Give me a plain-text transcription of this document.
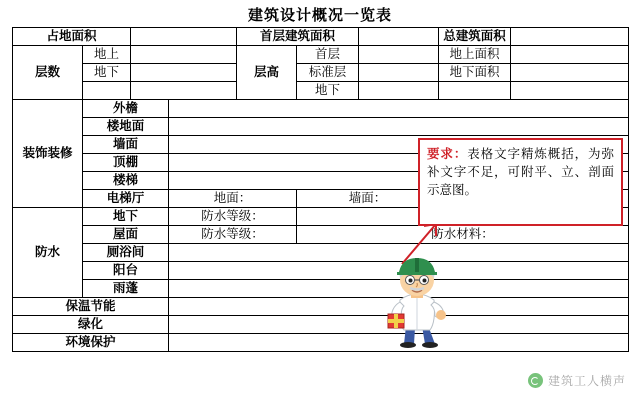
建筑设计概况一览表
占地面积				首层建筑面积			总建筑面积	
层数	地上			层高	首层		地上面积	
	地下				标准层		地下面积	
					地下			
装饰装修	外檐							
	楼地面							
	墙面							
	顶棚							
	楼梯							
	电梯厅		地面：		墙面：	
防水	地下		防水等级：	
	屋面		防水等级：		防水材料：			
	厕浴间							
	阳台							
	雨蓬							
保温节能								
绿化								
环境保护								
要求：表格文字精炼概括，为弥补文字不足，可附平、立、剖面示意图。
建筑工人横声
